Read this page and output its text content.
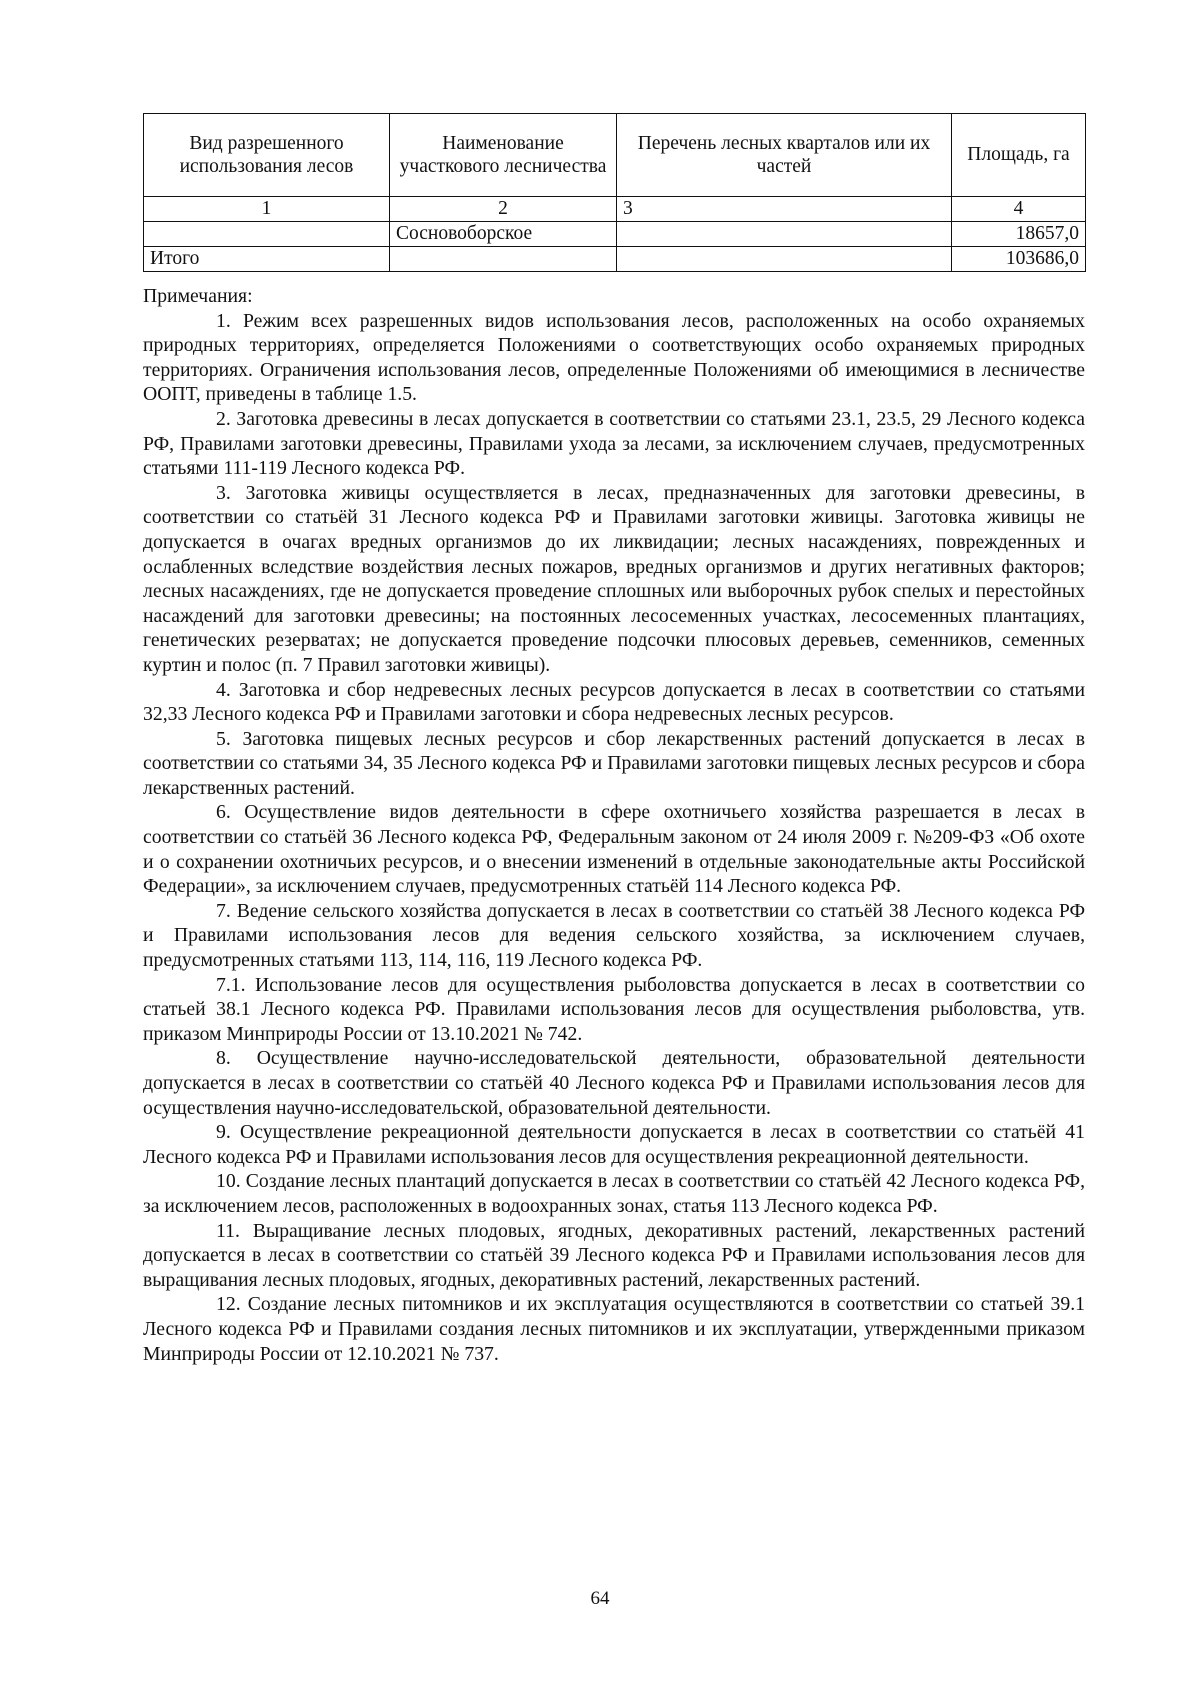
Вид разрешенного использования лесов	Наименование участкового лесничества	Перечень лесных кварталов или их частей	Площадь, га
1	2	3	4
	Сосновоборское		18657,0
Итого			103686,0

Примечания:

1. Режим всех разрешенных видов использования лесов, расположенных на особо охраняемых природных территориях, определяется Положениями о соответствующих особо охраняемых природных территориях. Ограничения использования лесов, определенные Положениями об имеющимися в лесничестве ООПТ, приведены в таблице 1.5.

2. Заготовка древесины в лесах допускается в соответствии со статьями 23.1, 23.5, 29 Лесного кодекса РФ, Правилами заготовки древесины, Правилами ухода за лесами, за исключением случаев, предусмотренных статьями 111-119 Лесного кодекса РФ.

3. Заготовка живицы осуществляется в лесах, предназначенных для заготовки древесины, в соответствии со статьёй 31 Лесного кодекса РФ и Правилами заготовки живицы. Заготовка живицы не допускается в очагах вредных организмов до их ликвидации; лесных насаждениях, поврежденных и ослабленных вследствие воздействия лесных пожаров, вредных организмов и других негативных факторов; лесных насаждениях, где не допускается проведение сплошных или выборочных рубок спелых и перестойных насаждений для заготовки древесины; на постоянных лесосеменных участках, лесосеменных плантациях, генетических резерватах; не допускается проведение подсочки плюсовых деревьев, семенников, семенных куртин и полос (п. 7 Правил заготовки живицы).

4. Заготовка и сбор недревесных лесных ресурсов допускается в лесах в соответствии со статьями 32,33 Лесного кодекса РФ и Правилами заготовки и сбора недревесных лесных ресурсов.

5. Заготовка пищевых лесных ресурсов и сбор лекарственных растений допускается в лесах в соответствии со статьями 34, 35 Лесного кодекса РФ и Правилами заготовки пищевых лесных ресурсов и сбора лекарственных растений.

6. Осуществление видов деятельности в сфере охотничьего хозяйства разрешается в лесах в соответствии со статьёй 36 Лесного кодекса РФ, Федеральным законом от 24 июля 2009 г. №209-ФЗ «Об охоте и о сохранении охотничьих ресурсов, и о внесении изменений в отдельные законодательные акты Российской Федерации», за исключением случаев, предусмотренных статьёй 114 Лесного кодекса РФ.

7. Ведение сельского хозяйства допускается в лесах в соответствии со статьёй 38 Лесного кодекса РФ и Правилами использования лесов для ведения сельского хозяйства, за исключением случаев, предусмотренных статьями 113, 114, 116, 119 Лесного кодекса РФ.

7.1. Использование лесов для осуществления рыболовства допускается в лесах в соответствии со статьей 38.1 Лесного кодекса РФ. Правилами использования лесов для осуществления рыболовства, утв. приказом Минприроды России от 13.10.2021 № 742.

8. Осуществление научно-исследовательской деятельности, образовательной деятельности допускается в лесах в соответствии со статьёй 40 Лесного кодекса РФ и Правилами использования лесов для осуществления научно-исследовательской, образовательной деятельности.

9. Осуществление рекреационной деятельности допускается в лесах в соответствии со статьёй 41 Лесного кодекса РФ и Правилами использования лесов для осуществления рекреационной деятельности.

10. Создание лесных плантаций допускается в лесах в соответствии со статьёй 42 Лесного кодекса РФ, за исключением лесов, расположенных в водоохранных зонах, статья 113 Лесного кодекса РФ.

11. Выращивание лесных плодовых, ягодных, декоративных растений, лекарственных растений допускается в лесах в соответствии со статьёй 39 Лесного кодекса РФ и Правилами использования лесов для выращивания лесных плодовых, ягодных, декоративных растений, лекарственных растений.

12. Создание лесных питомников и их эксплуатация осуществляются в соответствии со статьей 39.1 Лесного кодекса РФ и Правилами создания лесных питомников и их эксплуатации, утвержденными приказом Минприроды России от 12.10.2021 № 737.

64
